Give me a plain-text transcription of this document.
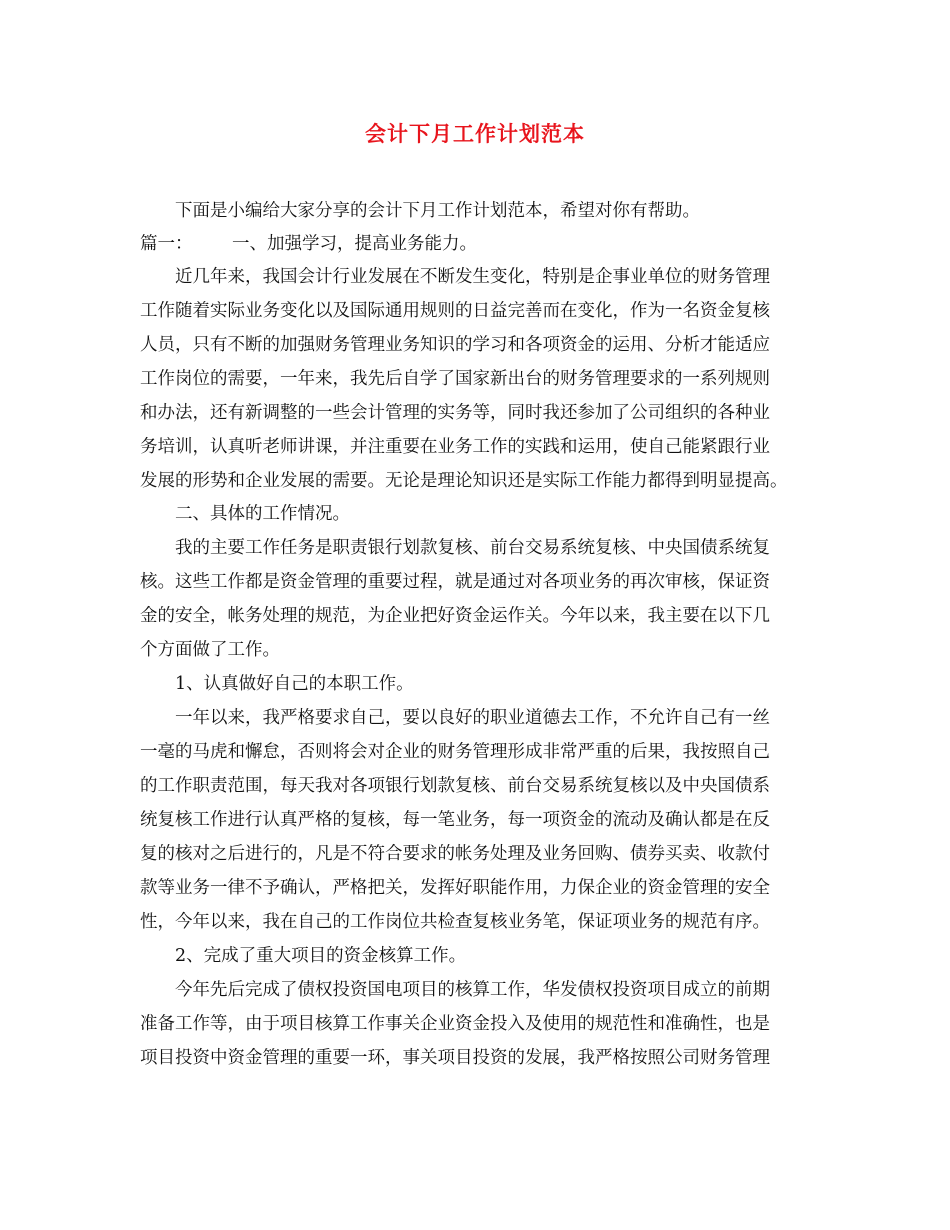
会计下月工作计划范本
下面是小编给大家分享的会计下月工作计划范本，希望对你有帮助。
篇一： 一、加强学习，提高业务能力。
近几年来，我国会计行业发展在不断发生变化，特别是企事业单位的财务管理
工作随着实际业务变化以及国际通用规则的日益完善而在变化，作为一名资金复核
人员，只有不断的加强财务管理业务知识的学习和各项资金的运用、分析才能适应
工作岗位的需要，一年来，我先后自学了国家新出台的财务管理要求的一系列规则
和办法，还有新调整的一些会计管理的实务等，同时我还参加了公司组织的各种业
务培训，认真听老师讲课，并注重要在业务工作的实践和运用，使自己能紧跟行业
发展的形势和企业发展的需要。无论是理论知识还是实际工作能力都得到明显提高。
二、具体的工作情况。
我的主要工作任务是职责银行划款复核、前台交易系统复核、中央国债系统复
核。这些工作都是资金管理的重要过程，就是通过对各项业务的再次审核，保证资
金的安全，帐务处理的规范，为企业把好资金运作关。今年以来，我主要在以下几
个方面做了工作。
1、认真做好自己的本职工作。
一年以来，我严格要求自己，要以良好的职业道德去工作，不允许自己有一丝
一毫的马虎和懈怠，否则将会对企业的财务管理形成非常严重的后果，我按照自己
的工作职责范围，每天我对各项银行划款复核、前台交易系统复核以及中央国债系
统复核工作进行认真严格的复核，每一笔业务，每一项资金的流动及确认都是在反
复的核对之后进行的，凡是不符合要求的帐务处理及业务回购、债券买卖、收款付
款等业务一律不予确认，严格把关，发挥好职能作用，力保企业的资金管理的安全
性，今年以来，我在自己的工作岗位共检查复核业务笔，保证项业务的规范有序。
2、完成了重大项目的资金核算工作。
今年先后完成了债权投资国电项目的核算工作，华发债权投资项目成立的前期
准备工作等，由于项目核算工作事关企业资金投入及使用的规范性和准确性，也是
项目投资中资金管理的重要一环，事关项目投资的发展，我严格按照公司财务管理
